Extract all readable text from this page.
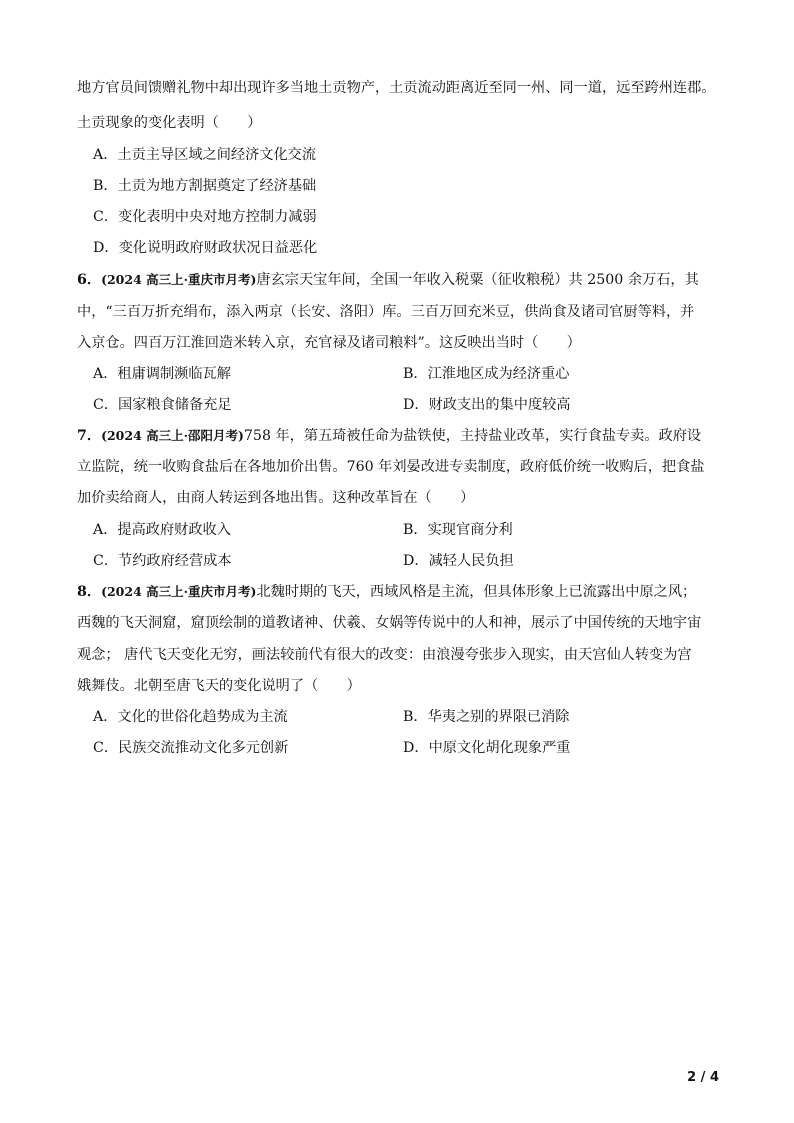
地方官员间馈赠礼物中却出现许多当地土贡物产，土贡流动距离近至同一州、同一道，远至跨州连郡。
土贡现象的变化表明（　　）
A．土贡主导区域之间经济文化交流
B．土贡为地方割据奠定了经济基础
C．变化表明中央对地方控制力减弱
D．变化说明政府财政状况日益恶化
6．(2024 高三上·重庆市月考)唐玄宗天宝年间，全国一年收入税粟（征收粮税）共 2500 余万石，其
中，“三百万折充绢布，添入两京（长安、洛阳）库。三百万回充米豆，供尚食及诸司官厨等料，并
入京仓。四百万江淮回造米转入京，充官禄及诸司粮料”。这反映出当时（　　）
A．租庸调制濒临瓦解	B．江淮地区成为经济重心
C．国家粮食储备充足	D．财政支出的集中度较高
7．(2024 高三上·邵阳月考)758 年，第五琦被任命为盐铁使，主持盐业改革，实行食盐专卖。政府设
立监院，统一收购食盐后在各地加价出售。760 年刘晏改进专卖制度，政府低价统一收购后，把食盐
加价卖给商人，由商人转运到各地出售。这种改革旨在（　　）
A．提高政府财政收入	B．实现官商分利
C．节约政府经营成本	D．减轻人民负担
8．(2024 高三上·重庆市月考)北魏时期的飞天，西域风格是主流，但具体形象上已流露出中原之风；
西魏的飞天洞窟，窟顶绘制的道教诸神、伏羲、女娲等传说中的人和神，展示了中国传统的天地宇宙
观念； 唐代飞天变化无穷，画法较前代有很大的改变：由浪漫夸张步入现实，由天宫仙人转变为宫
娥舞伎。北朝至唐飞天的变化说明了（　　）
A．文化的世俗化趋势成为主流	B．华夷之别的界限已消除
C．民族交流推动文化多元创新	D．中原文化胡化现象严重
2 / 4
